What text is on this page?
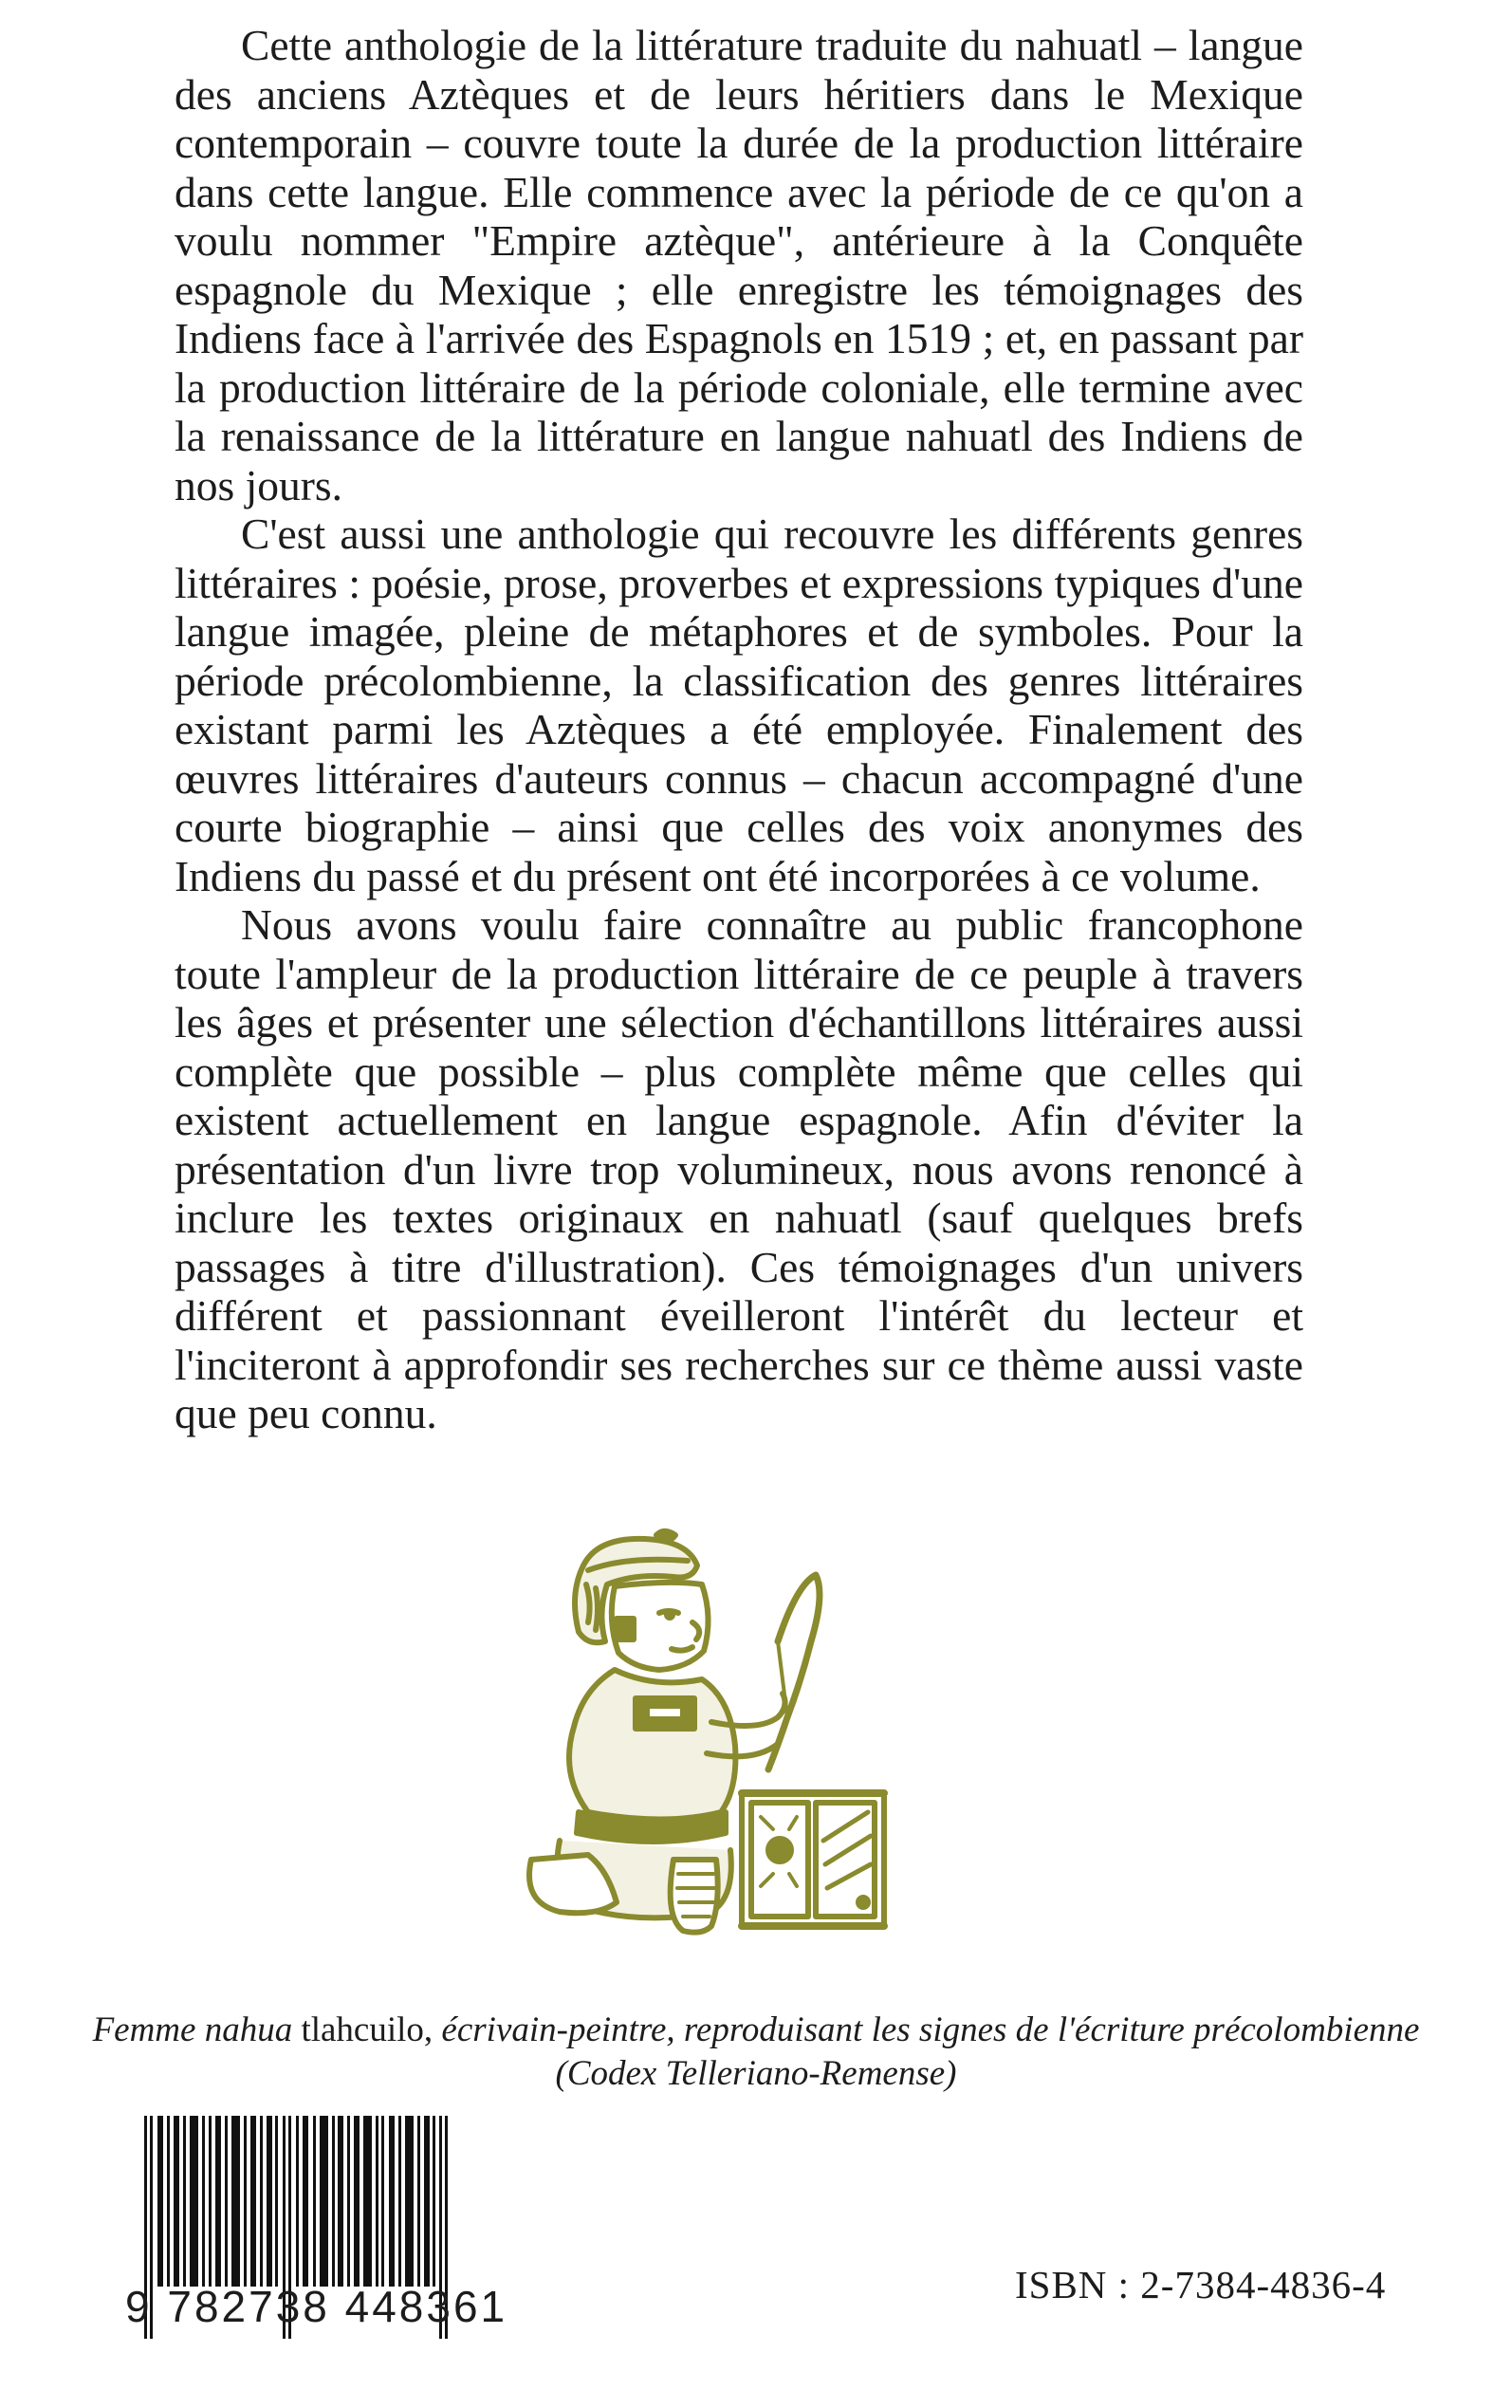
Cette anthologie de la littérature traduite du nahuatl – langue des anciens Aztèques et de leurs héritiers dans le Mexique contemporain – couvre toute la durée de la production littéraire dans cette langue. Elle commence avec la période de ce qu'on a voulu nommer "Empire aztèque", antérieure à la Conquête espagnole du Mexique ; elle enregistre les témoignages des Indiens face à l'arrivée des Espagnols en 1519 ; et, en passant par la production littéraire de la période coloniale, elle termine avec la renaissance de la littérature en langue nahuatl des Indiens de nos jours.

C'est aussi une anthologie qui recouvre les différents genres littéraires : poésie, prose, proverbes et expressions typiques d'une langue imagée, pleine de métaphores et de symboles. Pour la période précolombienne, la classification des genres littéraires existant parmi les Aztèques a été employée. Finalement des œuvres littéraires d'auteurs connus – chacun accompagné d'une courte biographie – ainsi que celles des voix anonymes des Indiens du passé et du présent ont été incorporées à ce volume.

Nous avons voulu faire connaître au public francophone toute l'ampleur de la production littéraire de ce peuple à travers les âges et présenter une sélection d'échantillons littéraires aussi complète que possible – plus complète même que celles qui existent actuellement en langue espagnole. Afin d'éviter la présentation d'un livre trop volumineux, nous avons renoncé à inclure les textes originaux en nahuatl (sauf quelques brefs passages à titre d'illustration). Ces témoignages d'un univers différent et passionnant éveilleront l'intérêt du lecteur et l'inciteront à approfondir ses recherches sur ce thème aussi vaste que peu connu.

Femme nahua tlahcuilo, écrivain-peintre, reproduisant les signes de l'écriture précolombienne

(Codex Telleriano-Remense)

9 782738 448361	ISBN : 2-7384-4836-4
